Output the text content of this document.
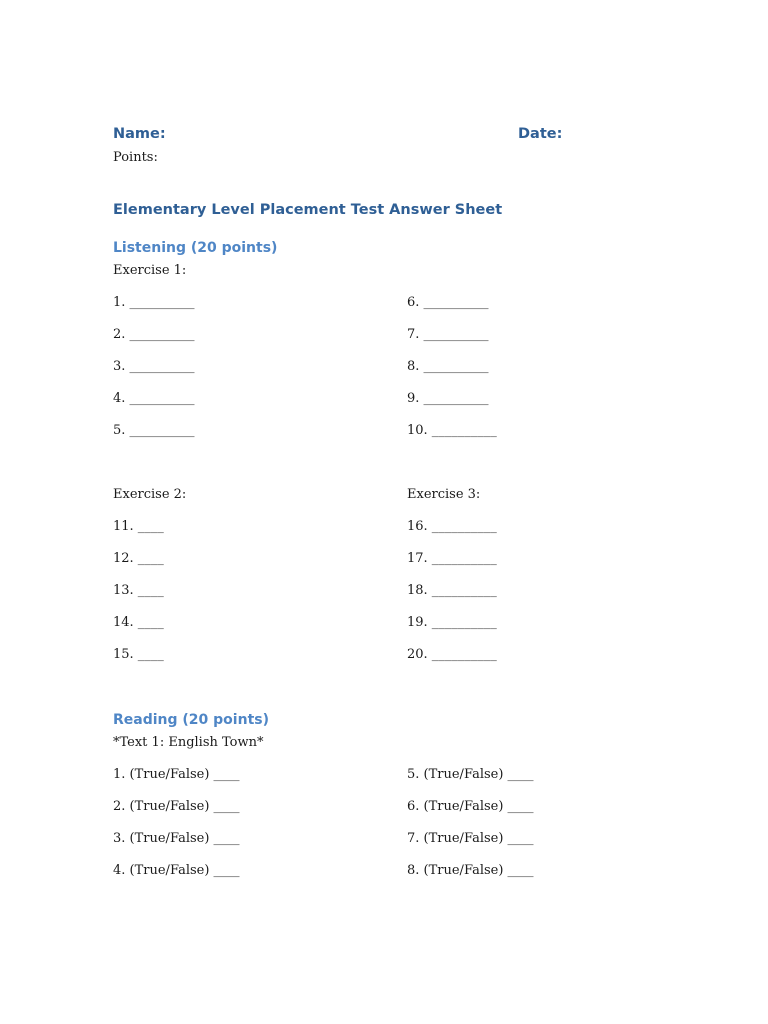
Name:	Date:
Points:
Elementary Level Placement Test Answer Sheet
Listening (20 points)
Exercise 1:
1. __________
2. __________
3. __________
4. __________
5. __________
6. __________
7. __________
8. __________
9. __________
10. __________
Exercise 2:	Exercise 3:
11. ____
12. ____
13. ____
14. ____
15. ____
16. __________
17. __________
18. __________
19. __________
20. __________
Reading (20 points)
*Text 1: English Town*
1. (True/False) ____
2. (True/False) ____
3. (True/False) ____
4. (True/False) ____
5. (True/False) ____
6. (True/False) ____
7. (True/False) ____
8. (True/False) ____
